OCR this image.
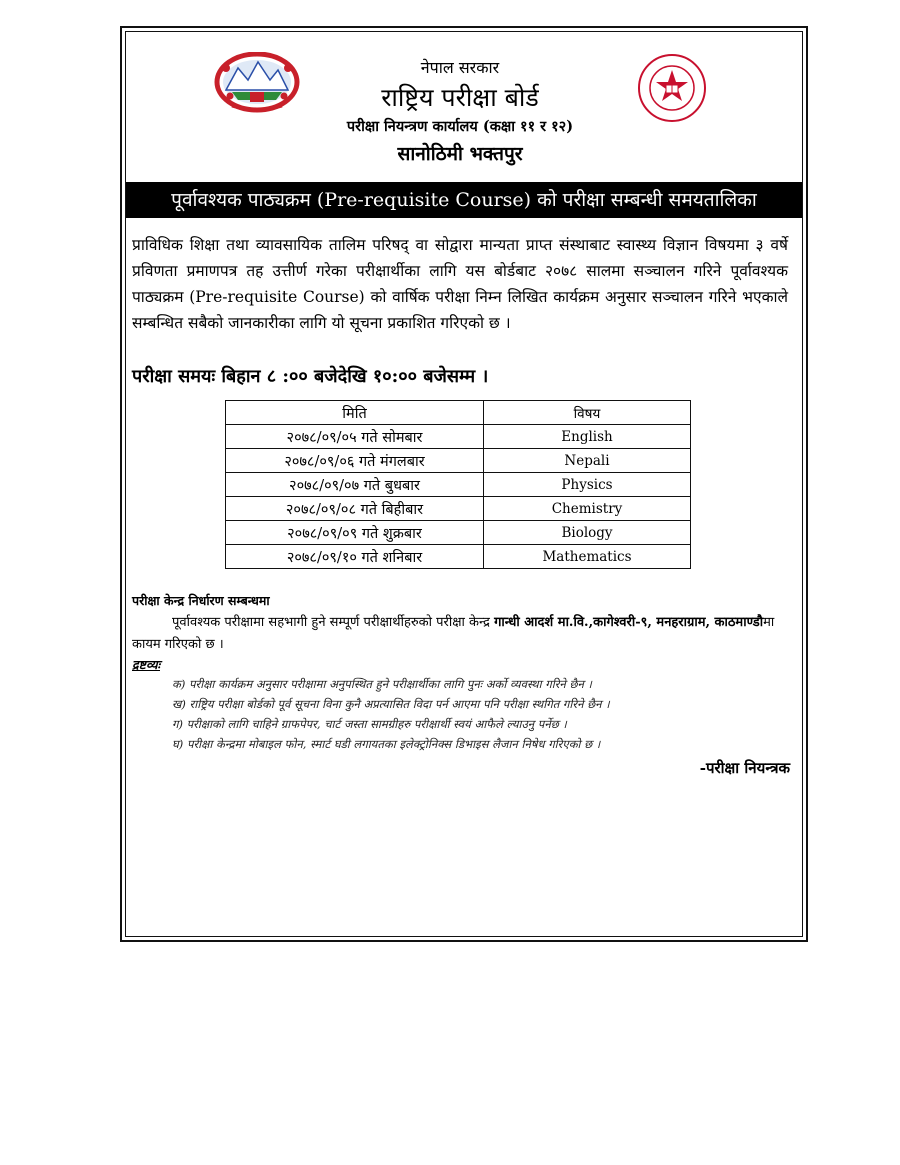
नेपाल सरकार
राष्ट्रिय परीक्षा बोर्ड
परीक्षा नियन्त्रण कार्यालय (कक्षा ११ र १२)
सानोठिमी भक्तपुर
पूर्वावश्यक पाठ्यक्रम (Pre-requisite Course) को परीक्षा सम्बन्धी समयतालिका
प्राविधिक शिक्षा तथा व्यावसायिक तालिम परिषद् वा सोद्वारा मान्यता प्राप्त संस्थाबाट स्वास्थ्य विज्ञान विषयमा ३ वर्षे प्रविणता प्रमाणपत्र तह उत्तीर्ण गरेका परीक्षार्थीका लागि यस बोर्डबाट २०७८ सालमा सञ्चालन गरिने पूर्वावश्यक पाठ्यक्रम (Pre-requisite Course) को वार्षिक परीक्षा निम्न लिखित कार्यक्रम अनुसार सञ्चालन गरिने भएकाले सम्बन्धित सबैको जानकारीका लागि यो सूचना प्रकाशित गरिएको छ ।
परीक्षा समयः बिहान ८ :०० बजेदेखि १०:०० बजेसम्म ।
मिति	विषय
२०७८/०९/०५ गते सोमबार	English
२०७८/०९/०६ गते मंगलबार	Nepali
२०७८/०९/०७ गते बुधबार	Physics
२०७८/०९/०८ गते बिहीबार	Chemistry
२०७८/०९/०९ गते शुक्रबार	Biology
२०७८/०९/१० गते शनिबार	Mathematics
परीक्षा केन्द्र निर्धारण सम्बन्धमा
पूर्वावश्यक परीक्षामा सहभागी हुने सम्पूर्ण परीक्षार्थीहरुको परीक्षा केन्द्र गान्धी आदर्श मा.वि.,कागेश्वरी-९, मनहराग्राम, काठमाण्डौमा कायम गरिएको छ ।
द्रष्टव्यः
क) परीक्षा कार्यक्रम अनुसार परीक्षामा अनुपस्थित हुने परीक्षार्थीका लागि पुनः अर्को व्यवस्था गरिने छैन ।
ख) राष्ट्रिय परीक्षा बोर्डको पूर्व सूचना विना कुनै अप्रत्यासित विदा पर्न आएमा पनि परीक्षा स्थगित गरिने छैन ।
ग) परीक्षाको लागि चाहिने ग्राफपेपर, चार्ट जस्ता सामग्रीहरु परीक्षार्थी स्वयं आफैले ल्याउनु पर्नेछ ।
घ) परीक्षा केन्द्रमा मोबाइल फोन, स्मार्ट घडी लगायतका इलेक्ट्रोनिक्स डिभाइस लैजान निषेध गरिएको छ ।
-परीक्षा नियन्त्रक
